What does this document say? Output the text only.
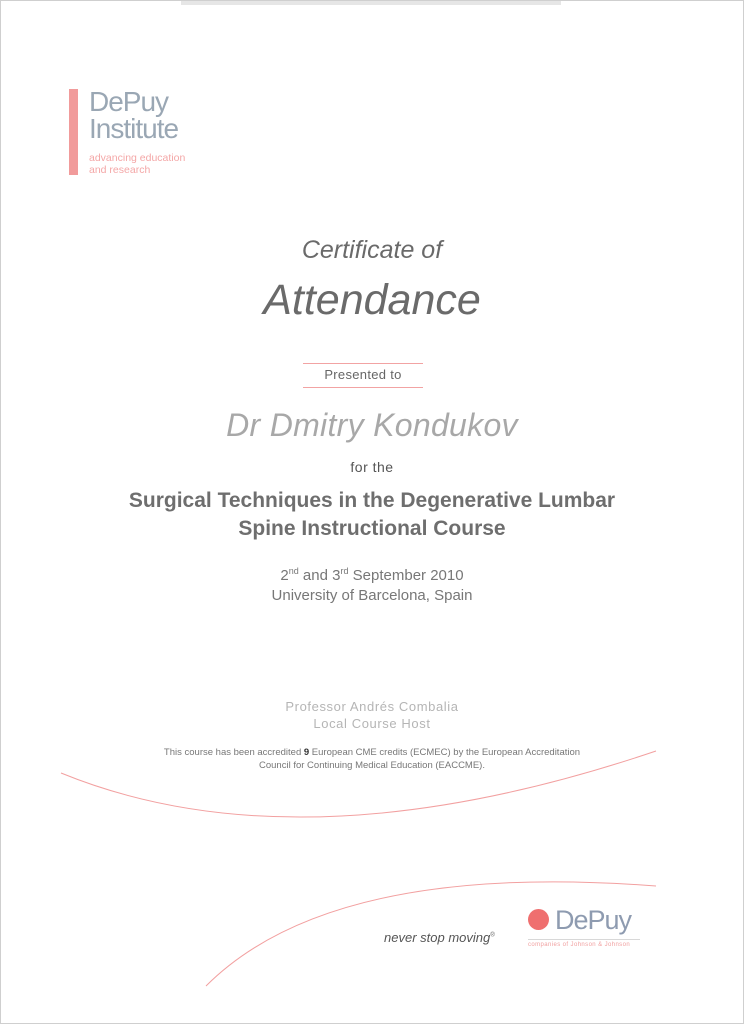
DePuy
Institute
advancing education
and research
Certificate of
Attendance
Presented to
Dr Dmitry Kondukov
for the
Surgical Techniques in the Degenerative Lumbar
Spine Instructional Course
2nd and 3rd September 2010
University of Barcelona, Spain
Professor Andrés Combalia
Local Course Host
This course has been accredited 9 European CME credits (ECMEC) by the European Accreditation
Council for Continuing Medical Education (EACCME).
never stop moving®
DePuy
companies of Johnson & Johnson
